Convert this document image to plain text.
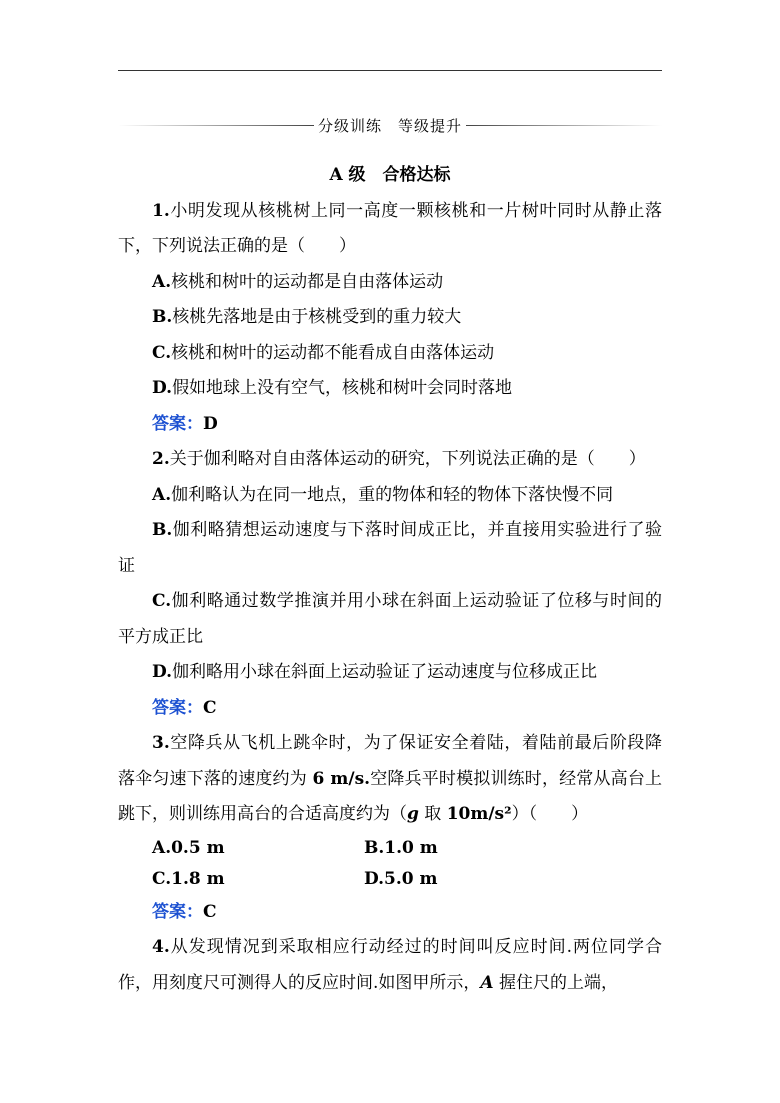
分级训练　等级提升

A 级　合格达标

1.小明发现从核桃树上同一高度一颗核桃和一片树叶同时从静止落下，下列说法正确的是（　　）

A.核桃和树叶的运动都是自由落体运动

B.核桃先落地是由于核桃受到的重力较大

C.核桃和树叶的运动都不能看成自由落体运动

D.假如地球上没有空气，核桃和树叶会同时落地

答案：D

2.关于伽利略对自由落体运动的研究，下列说法正确的是（　　）

A.伽利略认为在同一地点，重的物体和轻的物体下落快慢不同

B.伽利略猜想运动速度与下落时间成正比，并直接用实验进行了验证

C.伽利略通过数学推演并用小球在斜面上运动验证了位移与时间的平方成正比

D.伽利略用小球在斜面上运动验证了运动速度与位移成正比

答案：C

3.空降兵从飞机上跳伞时，为了保证安全着陆，着陆前最后阶段降落伞匀速下落的速度约为 6 m/s.空降兵平时模拟训练时，经常从高台上跳下，则训练用高台的合适高度约为（g 取 10m/s²）（　　）

A.0.5 m	B.1.0 m
C.1.8 m	D.5.0 m

答案：C

4.从发现情况到采取相应行动经过的时间叫反应时间.两位同学合作，用刻度尺可测得人的反应时间.如图甲所示，A 握住尺的上端，
